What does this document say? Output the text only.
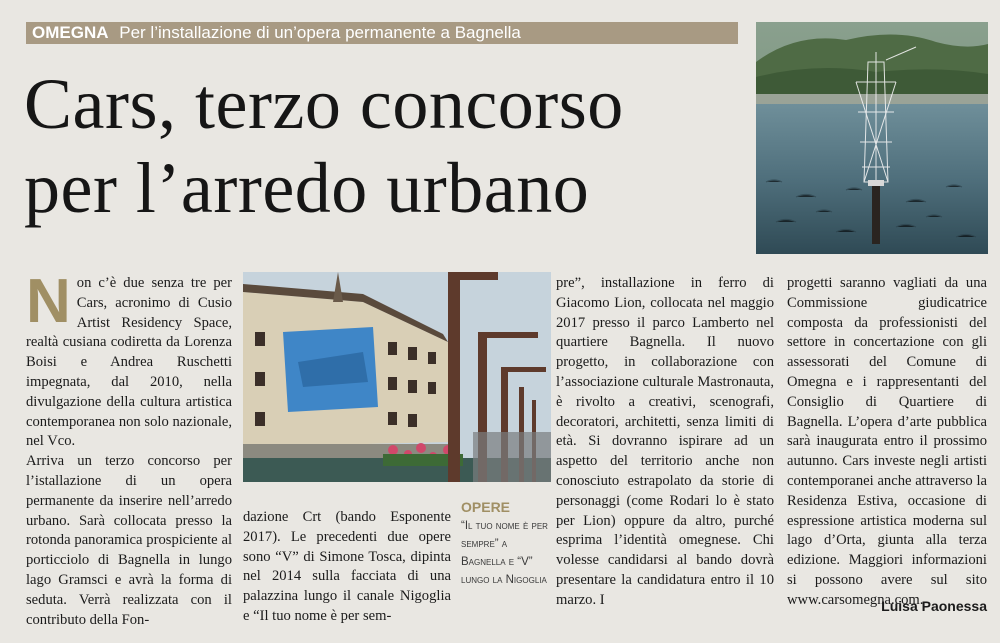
OMEGNA Per l’installazione di un’opera permanente a Bagnella
Cars, terzo concorso
per l’arredo urbano

Non c’è due senza tre per Cars, acronimo di Cusio Artist Residency Space, realtà cusiana codiretta da Lorenza Boisi e Andrea Ruschetti impegnata, dal 2010, nella divulgazione della cultura artistica contemporanea non solo nazionale, nel Vco.

Arriva un terzo concorso per l’istallazione di un opera permanente da inserire nell’arredo urbano. Sarà collocata presso la rotonda panoramica prospiciente al porticciolo di Bagnella in lungo lago Gramsci e avrà la forma di seduta. Verrà realizzata con il contributo della Fon-

dazione Crt (bando Esponente 2017). Le precedenti due opere sono “V” di Simone Tosca, dipinta nel 2014 sulla facciata di una palazzina lungo il canale Nigoglia e “Il tuo nome è per sem-

OPERE
“Il tuo nome è per sempre” a Bagnella e “V” lungo la Nigoglia

pre”, installazione in ferro di Giacomo Lion, collocata nel maggio 2017 presso il parco Lamberto nel quartiere Bagnella. Il nuovo progetto, in collaborazione con l’associazione culturale Mastronauta, è rivolto a creativi, scenografi, decoratori, architetti, senza limiti di età. Si dovranno ispirare ad un aspetto del territorio anche non conosciuto estrapolato da storie di personaggi (come Rodari lo è stato per Lion) oppure da altro, purché esprima l’identità omegnese. Chi volesse candidarsi al bando dovrà presentare la candidatura entro il 10 marzo. I

progetti saranno vagliati da una Commissione giudicatrice composta da professionisti del settore in concertazione con gli assessorati del Comune di Omegna e i rappresentanti del Consiglio di Quartiere di Bagnella. L’opera d’arte pubblica sarà inaugurata entro il prossimo autunno. Cars investe negli artisti contemporanei anche attraverso la Residenza Estiva, occasione di espressione artistica moderna sul lago d’Orta, giunta alla terza edizione. Maggiori informazioni si possono avere sul sito www.carsomegna.com.

Luisa Paonessa
